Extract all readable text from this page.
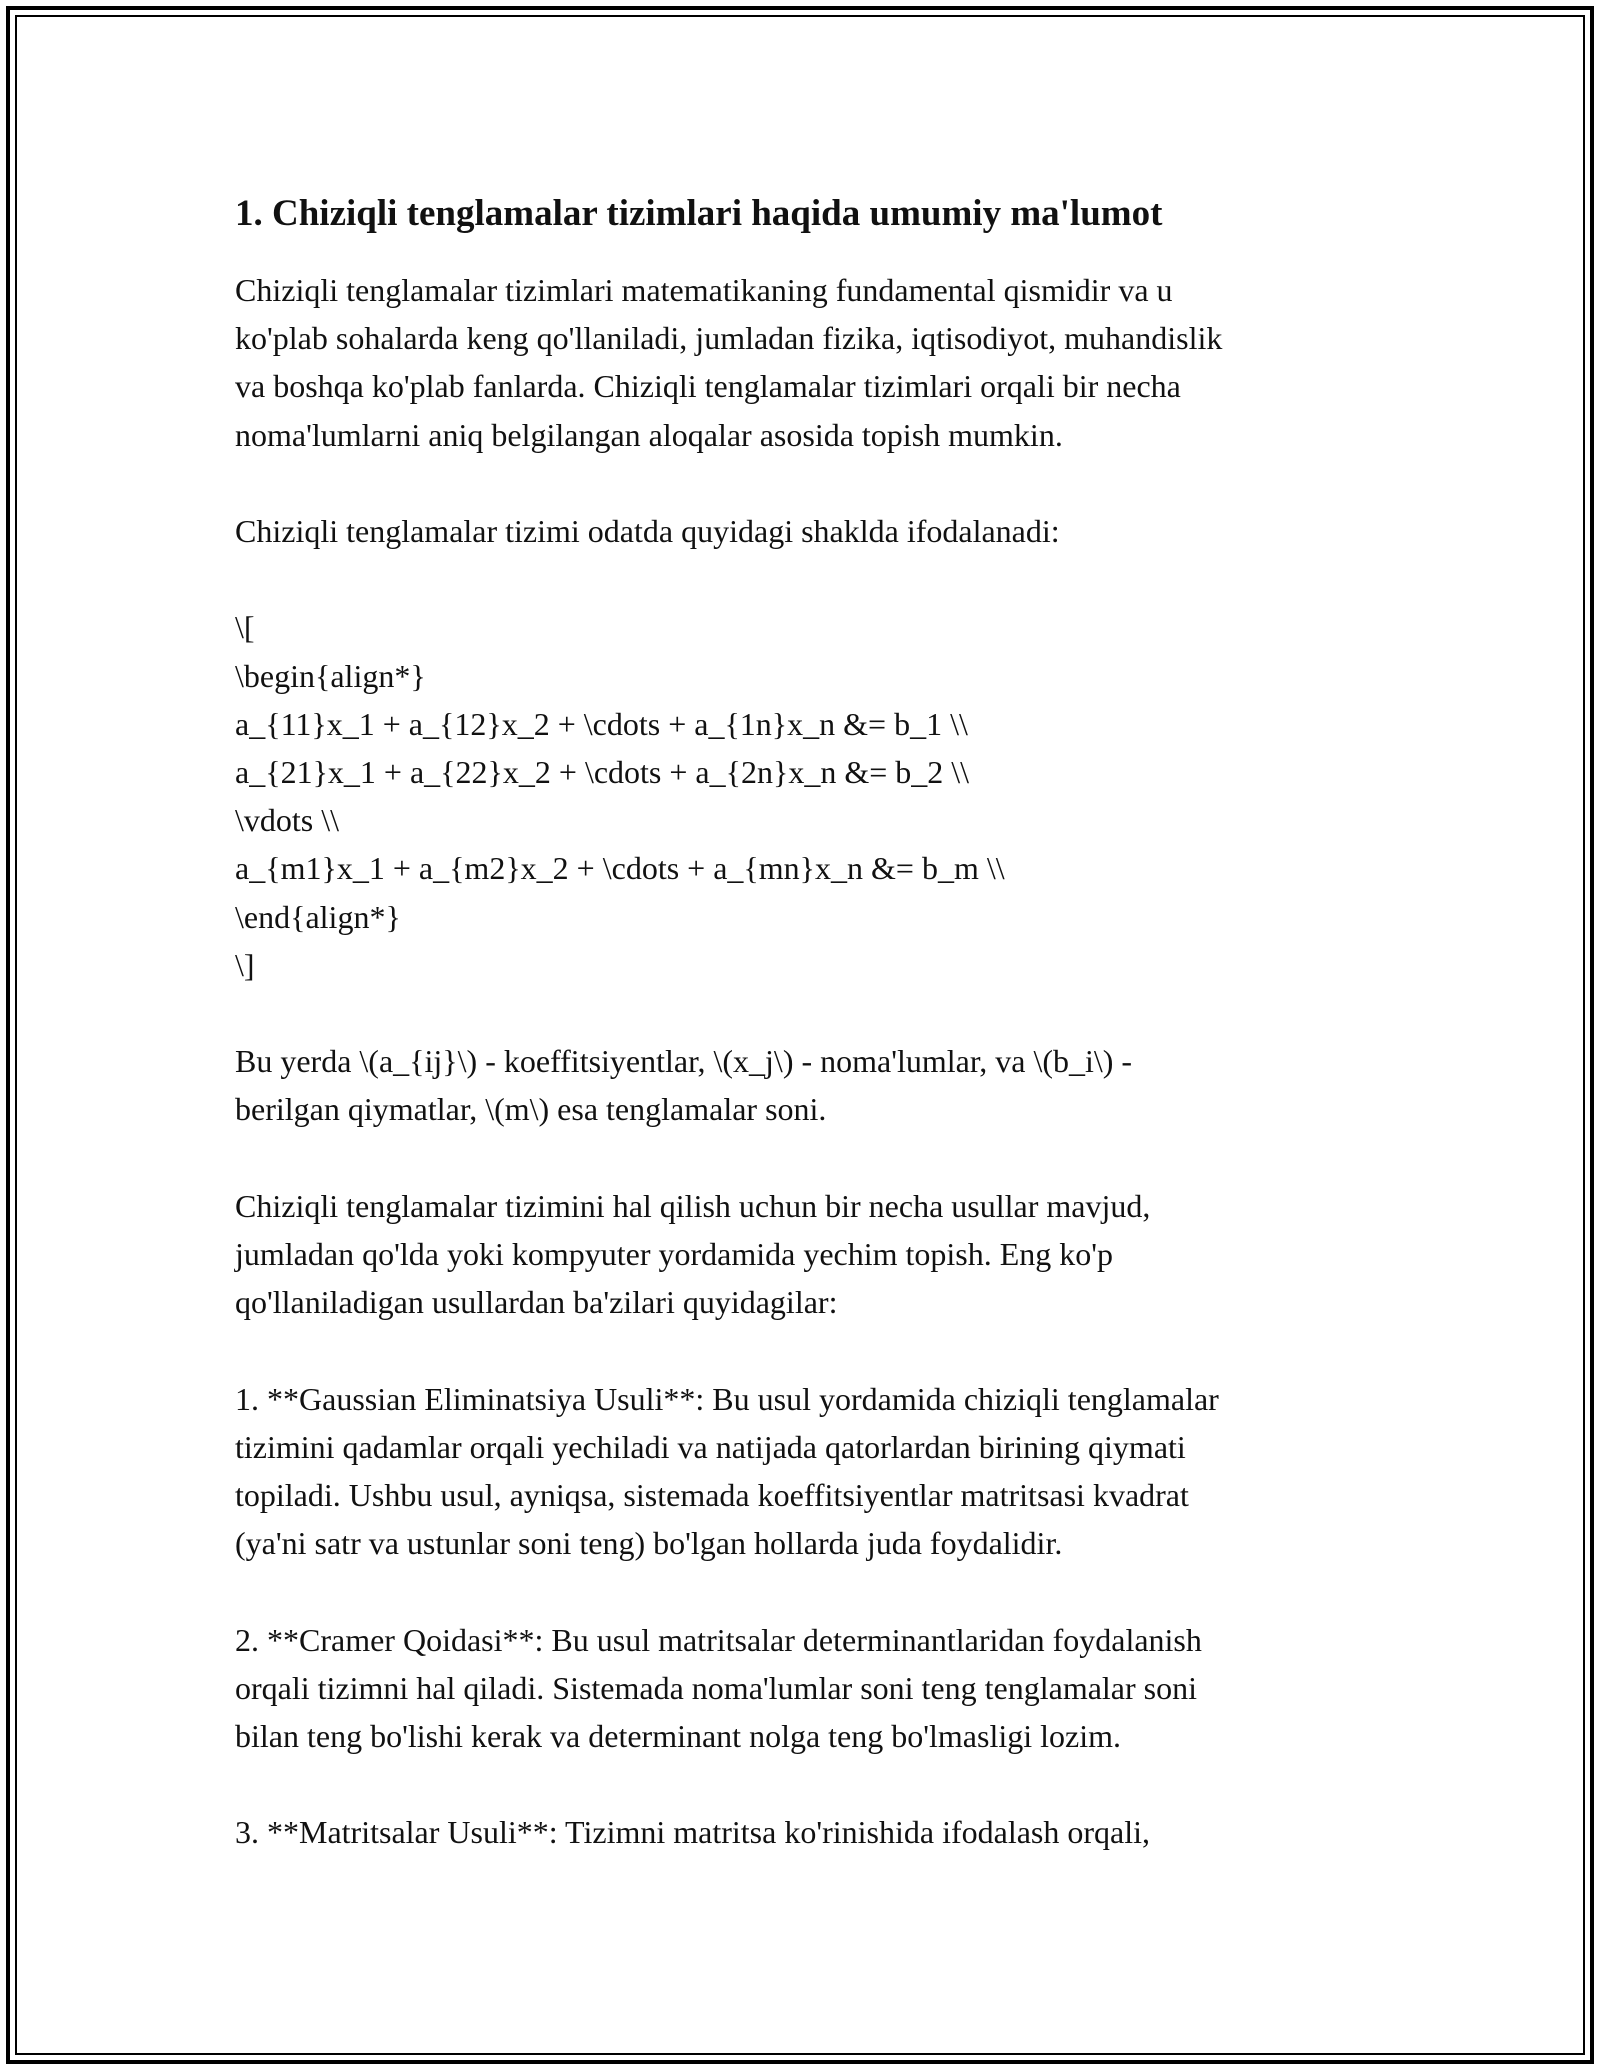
1. Chiziqli tenglamalar tizimlari haqida umumiy ma'lumot
Chiziqli tenglamalar tizimlari matematikaning fundamental qismidir va u
ko'plab sohalarda keng qo'llaniladi, jumladan fizika, iqtisodiyot, muhandislik
va boshqa ko'plab fanlarda. Chiziqli tenglamalar tizimlari orqali bir necha
noma'lumlarni aniq belgilangan aloqalar asosida topish mumkin.
Chiziqli tenglamalar tizimi odatda quyidagi shaklda ifodalanadi:
\[
\begin{align*}
a_{11}x_1 + a_{12}x_2 + \cdots + a_{1n}x_n &= b_1 \\
a_{21}x_1 + a_{22}x_2 + \cdots + a_{2n}x_n &= b_2 \\
\vdots \\
a_{m1}x_1 + a_{m2}x_2 + \cdots + a_{mn}x_n &= b_m \\
\end{align*}
\]
Bu yerda \(a_{ij}\) - koeffitsiyentlar, \(x_j\) - noma'lumlar, va \(b_i\) -
berilgan qiymatlar, \(m\) esa tenglamalar soni.
Chiziqli tenglamalar tizimini hal qilish uchun bir necha usullar mavjud,
jumladan qo'lda yoki kompyuter yordamida yechim topish. Eng ko'p
qo'llaniladigan usullardan ba'zilari quyidagilar:
1. **Gaussian Eliminatsiya Usuli**: Bu usul yordamida chiziqli tenglamalar
tizimini qadamlar orqali yechiladi va natijada qatorlardan birining qiymati
topiladi. Ushbu usul, ayniqsa, sistemada koeffitsiyentlar matritsasi kvadrat
(ya'ni satr va ustunlar soni teng) bo'lgan hollarda juda foydalidir.
2. **Cramer Qoidasi**: Bu usul matritsalar determinantlaridan foydalanish
orqali tizimni hal qiladi. Sistemada noma'lumlar soni teng tenglamalar soni
bilan teng bo'lishi kerak va determinant nolga teng bo'lmasligi lozim.
3. **Matritsalar Usuli**: Tizimni matritsa ko'rinishida ifodalash orqali,
